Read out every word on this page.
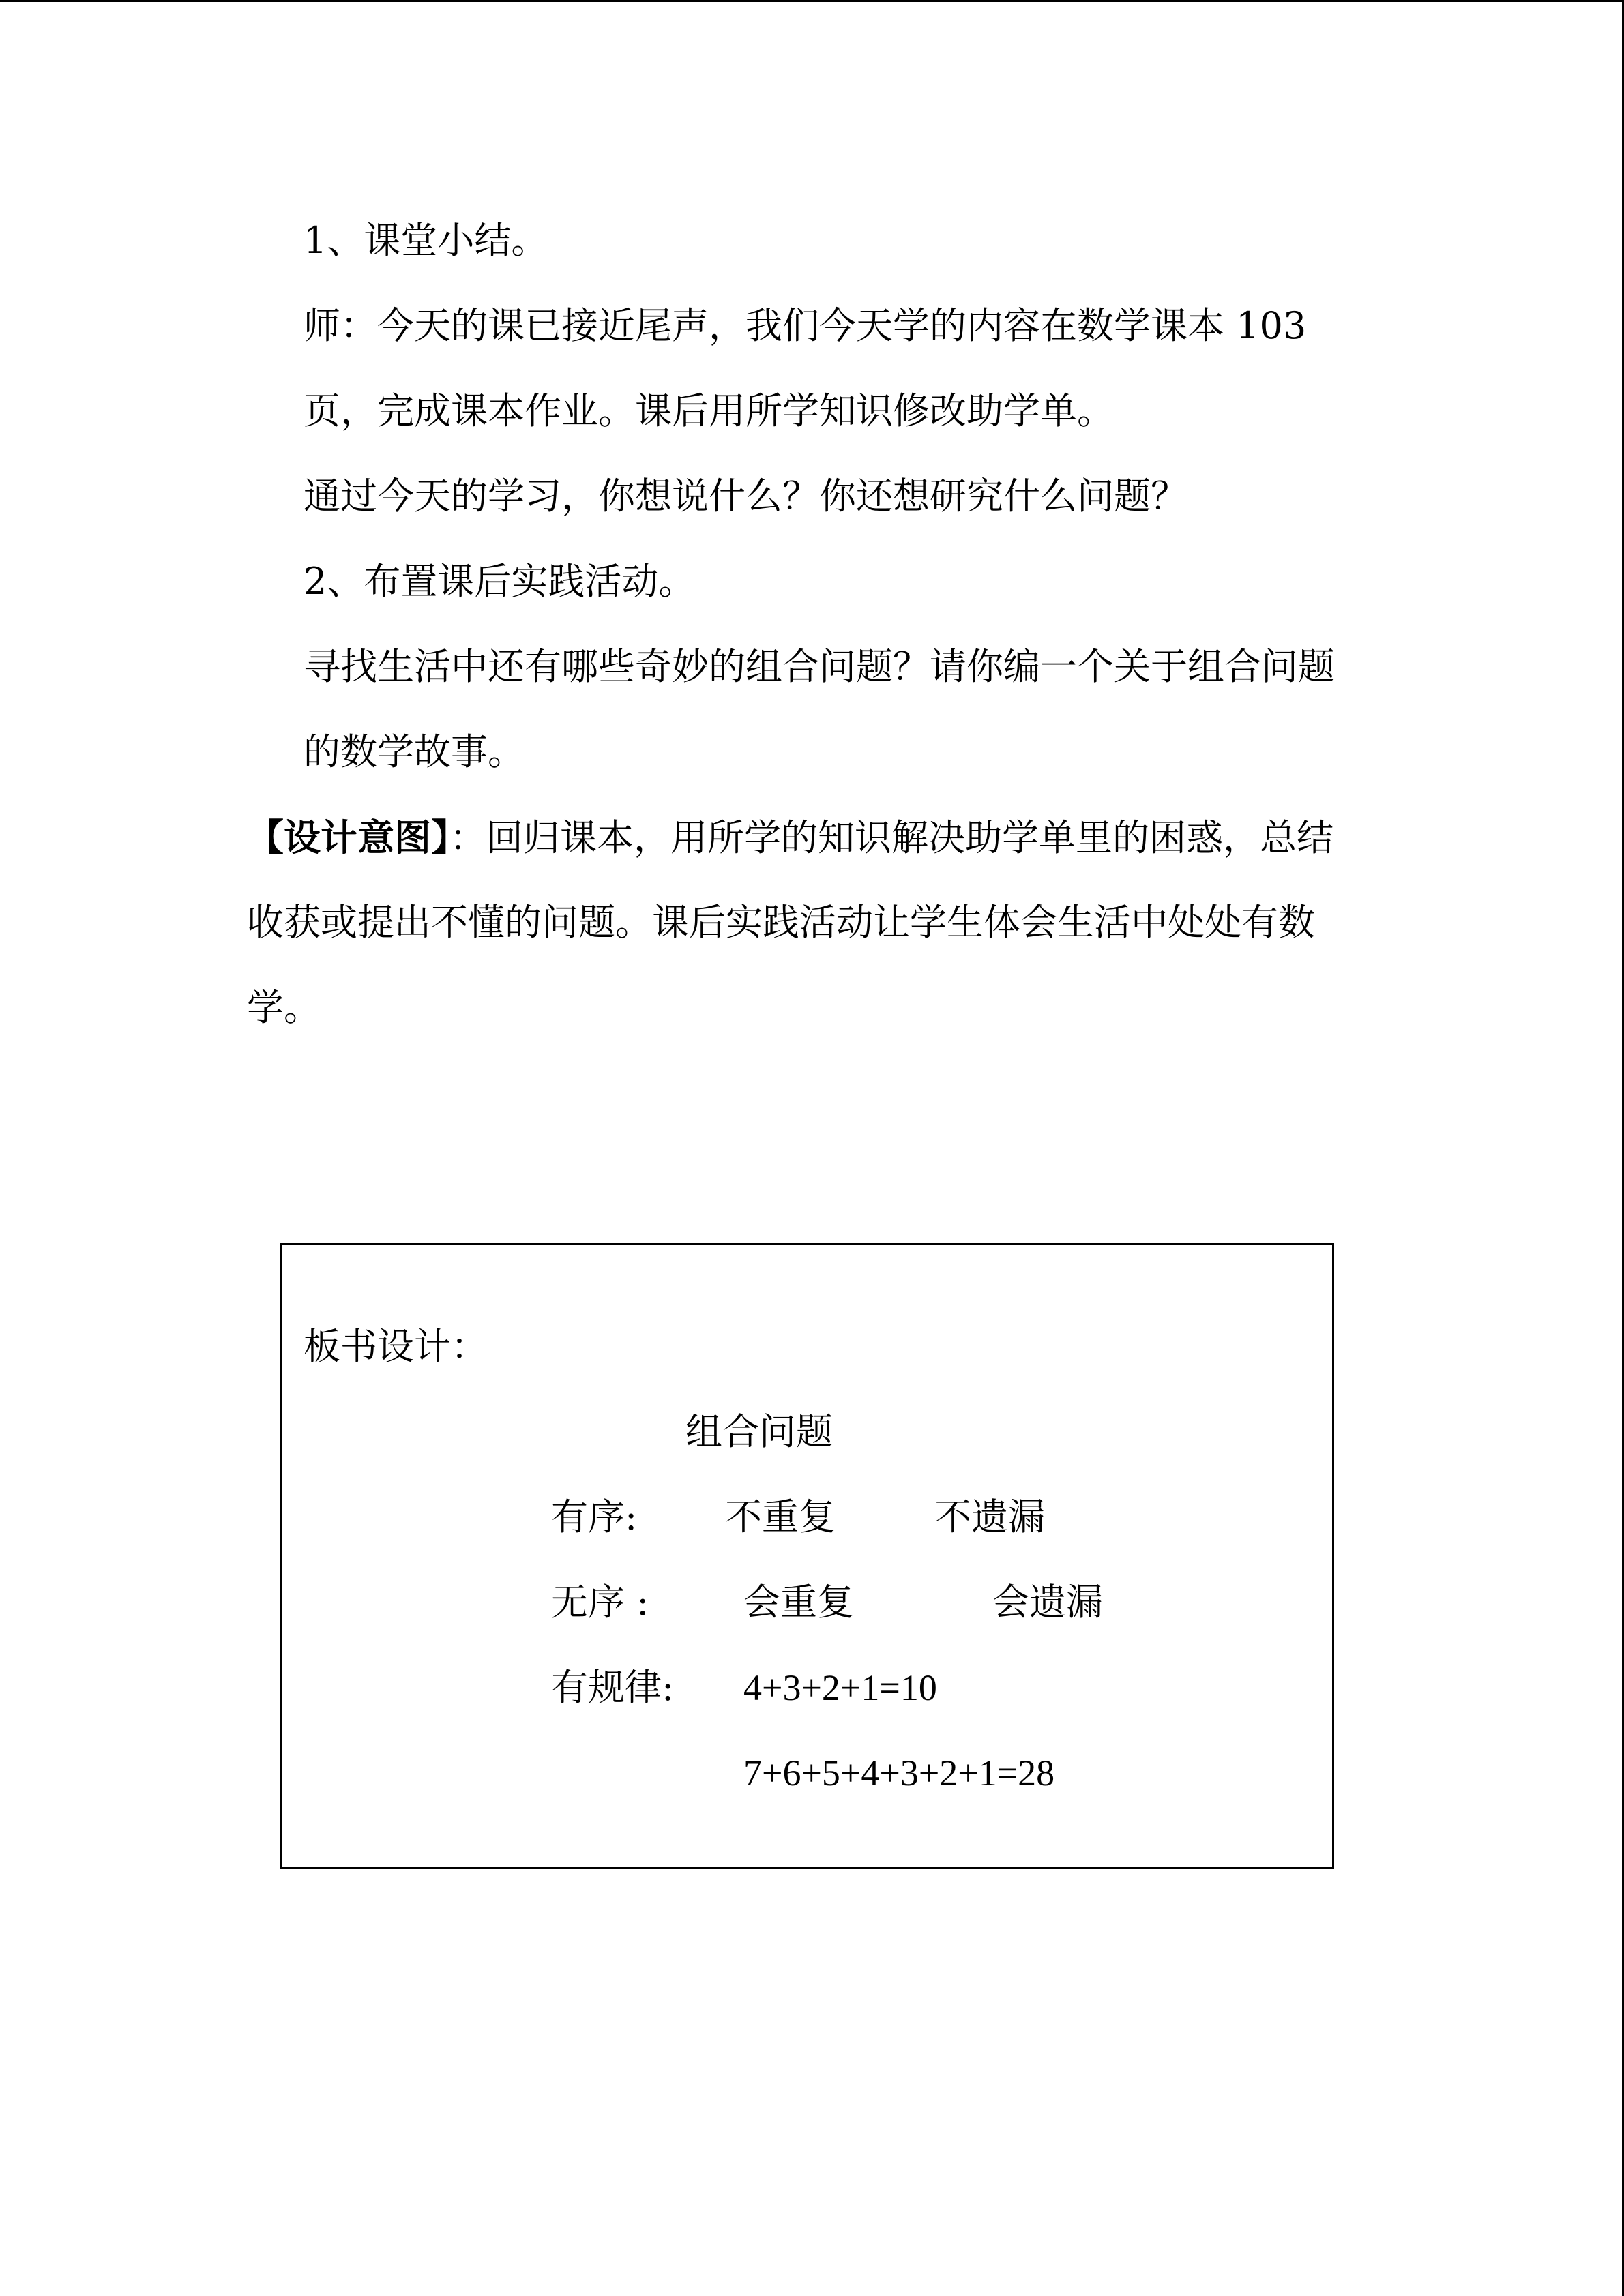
1、课堂小结。
师：今天的课已接近尾声，我们今天学的内容在数学课本 103
页，完成课本作业。课后用所学知识修改助学单。
通过今天的学习，你想说什么？你还想研究什么问题？
2、布置课后实践活动。
寻找生活中还有哪些奇妙的组合问题？请你编一个关于组合问题
的数学故事。
【设计意图】：回归课本，用所学的知识解决助学单里的困惑，总结
收获或提出不懂的问题。课后实践活动让学生体会生活中处处有数
学。
板书设计：
组合问题
有序: 不重复	不遗漏
无序 :	会重复	会遗漏
有规律: 4+3+2+1=10
7+6+5+4+3+2+1=28
